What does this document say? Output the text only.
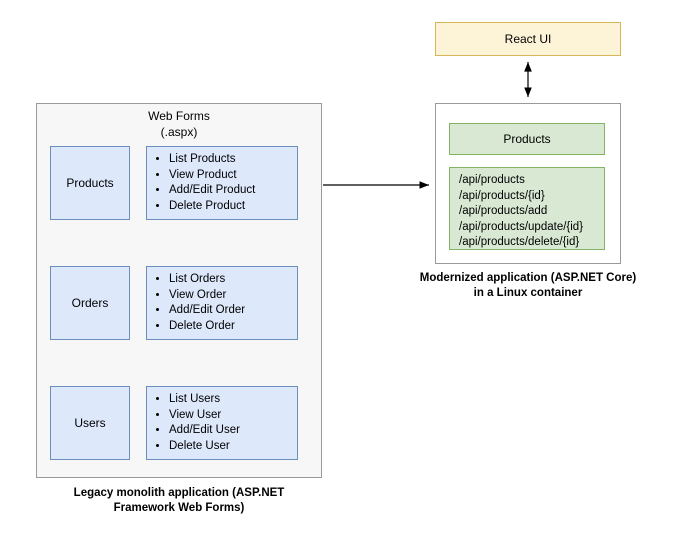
Web Forms
(.aspx)
Products
• List Products
• View Product
• Add/Edit Product
• Delete Product
Orders
• List Orders
• View Order
• Add/Edit Order
• Delete Order
Users
• List Users
• View User
• Add/Edit User
• Delete User
Legacy monolith application (ASP.NET
Framework Web Forms)
React UI
Products
/api/products
/api/products/{id}
/api/products/add
/api/products/update/{id}
/api/products/delete/{id}
Modernized application (ASP.NET Core)
in a Linux container
